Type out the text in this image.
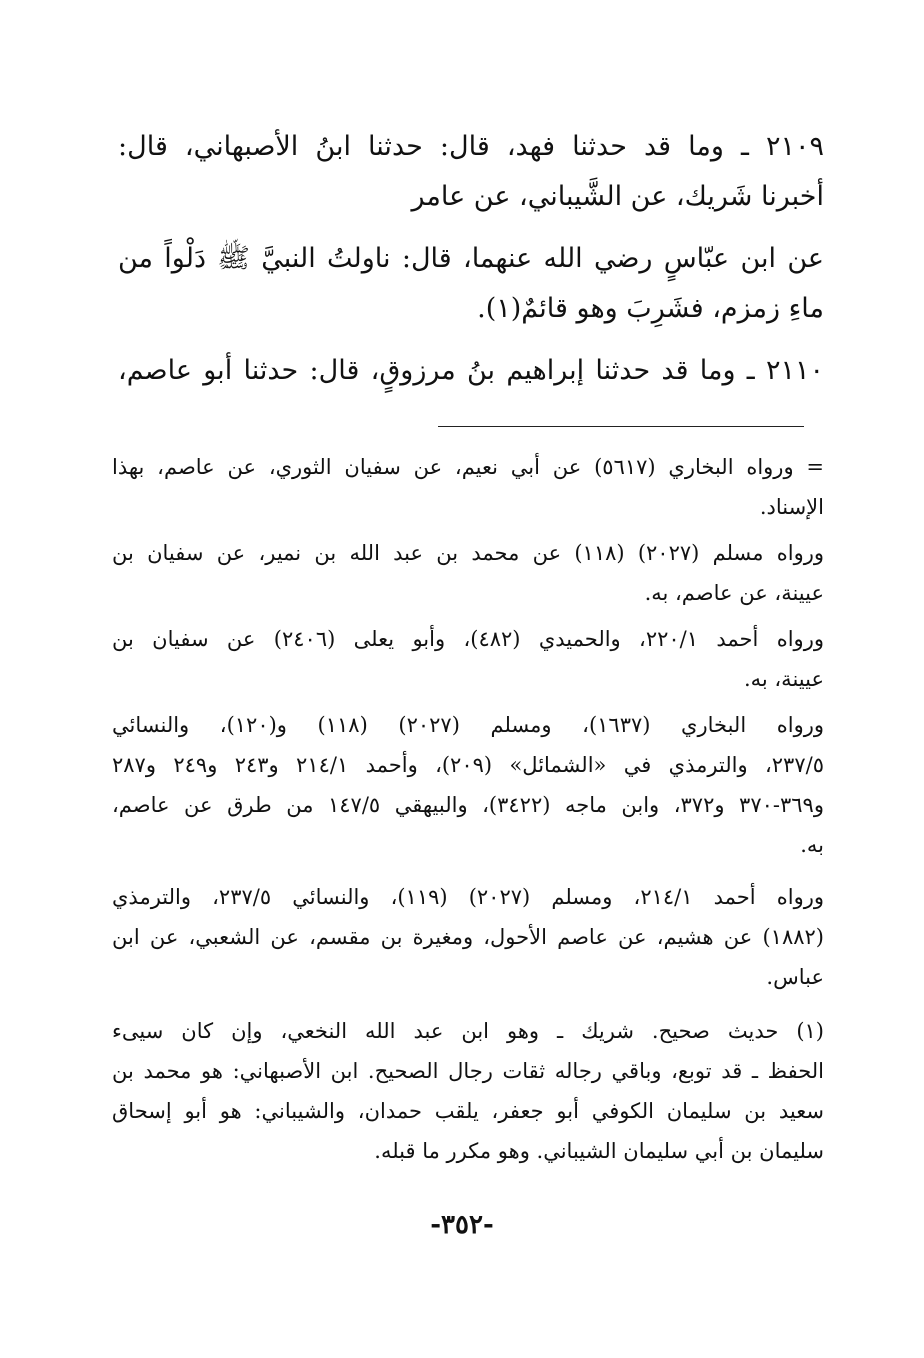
٢١٠٩ ـ وما قد حدثنا فهد، قال: حدثنا ابنُ الأصبهاني، قال:
أخبرنا شَريك، عن الشَّيباني، عن عامر
عن ابن عبّاسٍ رضي الله عنهما، قال: ناولتُ النبيَّ ﷺ دَلْواً من
ماءِ زمزم، فشَرِبَ وهو قائمٌ(١).
٢١١٠ ـ وما قد حدثنا إبراهيم بنُ مرزوقٍ، قال: حدثنا أبو عاصم،
= ورواه البخاري (٥٦١٧) عن أبي نعيم، عن سفيان الثوري، عن عاصم، بهذا
الإسناد.
ورواه مسلم (٢٠٢٧) (١١٨) عن محمد بن عبد الله بن نمير، عن سفيان بن
عيينة، عن عاصم، به.
ورواه أحمد ٢٢٠/١، والحميدي (٤٨٢)، وأبو يعلى (٢٤٠٦) عن سفيان بن
عيينة، به.
ورواه البخاري (١٦٣٧)، ومسلم (٢٠٢٧) (١١٨) و(١٢٠)، والنسائي
٢٣٧/٥، والترمذي في «الشمائل» (٢٠٩)، وأحمد ٢١٤/١ و٢٤٣ و٢٤٩ و٢٨٧
و٣٦٩-٣٧٠ و٣٧٢، وابن ماجه (٣٤٢٢)، والبيهقي ١٤٧/٥ من طرق عن عاصم،
به.
ورواه أحمد ٢١٤/١، ومسلم (٢٠٢٧) (١١٩)، والنسائي ٢٣٧/٥، والترمذي
(١٨٨٢) عن هشيم، عن عاصم الأحول، ومغيرة بن مقسم، عن الشعبي، عن ابن
عباس.
(١) حديث صحيح. شريك ـ وهو ابن عبد الله النخعي، وإن كان سيىء
الحفظ ـ قد توبع، وباقي رجاله ثقات رجال الصحيح. ابن الأصبهاني: هو محمد بن
سعيد بن سليمان الكوفي أبو جعفر، يلقب حمدان، والشيباني: هو أبو إسحاق
سليمان بن أبي سليمان الشيباني. وهو مكرر ما قبله.
-٣٥٢-
